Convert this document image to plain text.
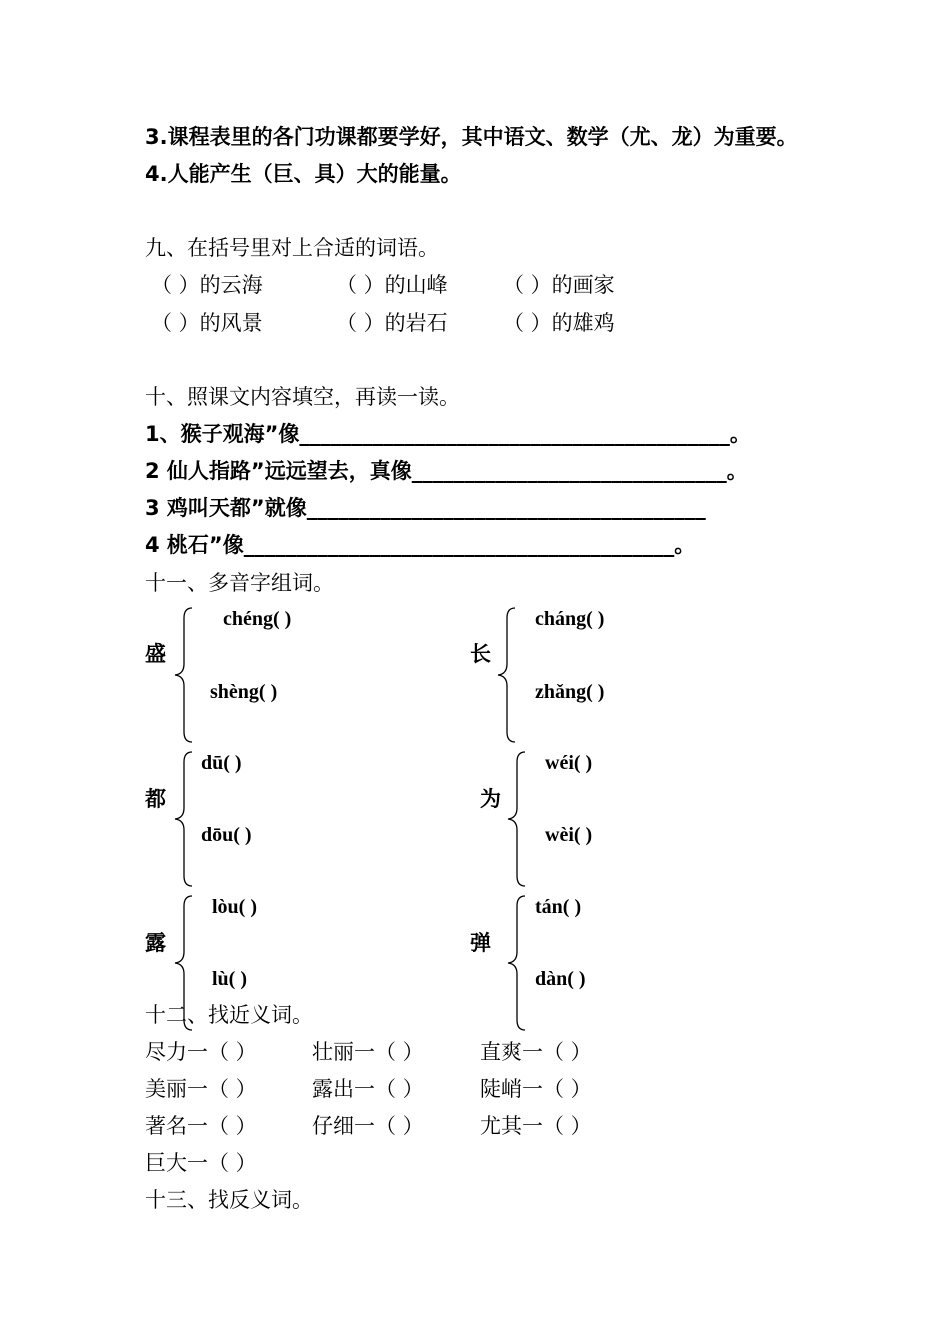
3.课程表里的各门功课都要学好，其中语文、数学（尤、龙）为重要。
4.人能产生（巨、具）大的能量。
九、在括号里对上合适的词语。
（ ）的云海	（ ）的山峰	（ ）的画家
（ ）的风景	（ ）的岩石	（ ）的雄鸡
十、照课文内容填空，再读一读。
1、猴子观海”像_________________________________________。
2 仙人指路”远远望去，真像______________________________。
3 鸡叫天都”就像______________________________________
4 桃石”像_________________________________________。
十一、多音字组词。
盛
chéng( )
shèng( )
长
cháng( )
zhǎng( )
都
dū( )
dōu( )
为
wéi( )
wèi( )
露
lòu( )
lù( )
弹
tán( )
dàn( )
十二、找近义词。
尽力一（ ）	壮丽一（ ）	直爽一（ ）
美丽一（ ）	露出一（ ）	陡峭一（ ）
著名一（ ）	仔细一（ ）	尤其一（ ）
巨大一（ ）
十三、找反义词。
